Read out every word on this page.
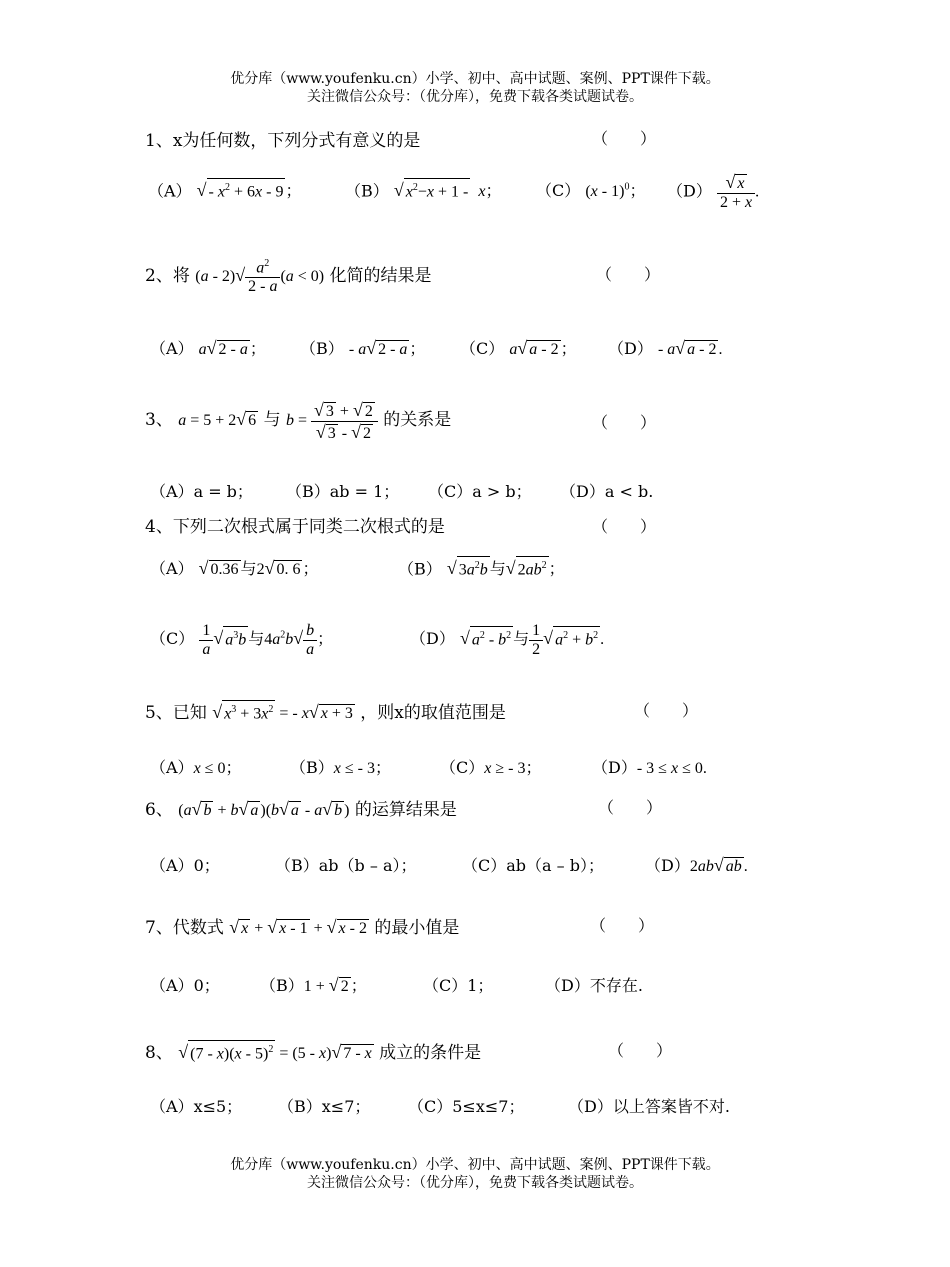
优分库（www.youfenku.cn）小学、初中、高中试题、案例、PPT课件下载。
关注微信公众号：（优分库），免费下载各类试题试卷。
1、x为任何数，下列分式有意义的是	（　　）
（A） √ - $x^2 + 6x - 9$ ；	（B） √ $x^2-x + 1 - x$； （C） (x - 1)$^0$； $(D) \frac{√ x}{2 + x}$ .
2、将 $(a - 2)√ \frac{a^2}{2 - a} (a < 0)$ 化简的结果是	（　　）
（A） a√ 2 - a ； （B） - a√ 2 - a ； （C） a√ a - 2 ； （D） - a√ a - 2 .
3、 a = 5 + 2√ 6 与 $b = \frac{√ 3 + √ 2}{√ 3 - √ 2}$ 的关系是	（　　）
（A）a = b； （B）ab = 1； （C）a > b； （D）a < b.
4、下列二次根式属于同类二次根式的是	（　　）
（A） √ 0.36 与2√ 0. 6 ；	（B） √ $3a^2b$ 与√ $2ab^2$ ；
$(C) \frac{1}{a}$ √ $a^3b$ 与$4a^2b√ \frac{b}{a}$ ；	（D） √ $a^2 - b^2$ 与 $\frac{1}{2}$ √ $a^2 + b^2$ .
5、已知 √ $x^3 + 3x^2$ = - x√ x + 3 ，则x的取值范围是	（　　）
（A）x ≤ 0；	（B）x ≤ - 3；	（C）x ≥ - 3；	（D）- 3 ≤ x ≤ 0.
6、 (a√ b + b√ a )(b√ a - a√ b ) 的运算结果是	（　　）
（A）0；	（B）ab（b – a）；	（C）ab（a – b）；	（D）2ab√ ab .
7、代数式 √ x + √ x - 1 + √ x - 2 的最小值是	（　　）
（A）0；	（B）1 + √ 2 ；	（C）1；	（D）不存在.
8、 √ (7 - x)(x - 5)$^2$ = (5 - x)√ 7 - x 成立的条件是	（　　）
（A）x≤5； （B）x≤7； （C）5≤x≤7；	（D）以上答案皆不对.
优分库（www.youfenku.cn）小学、初中、高中试题、案例、PPT课件下载。
关注微信公众号：（优分库），免费下载各类试题试卷。
